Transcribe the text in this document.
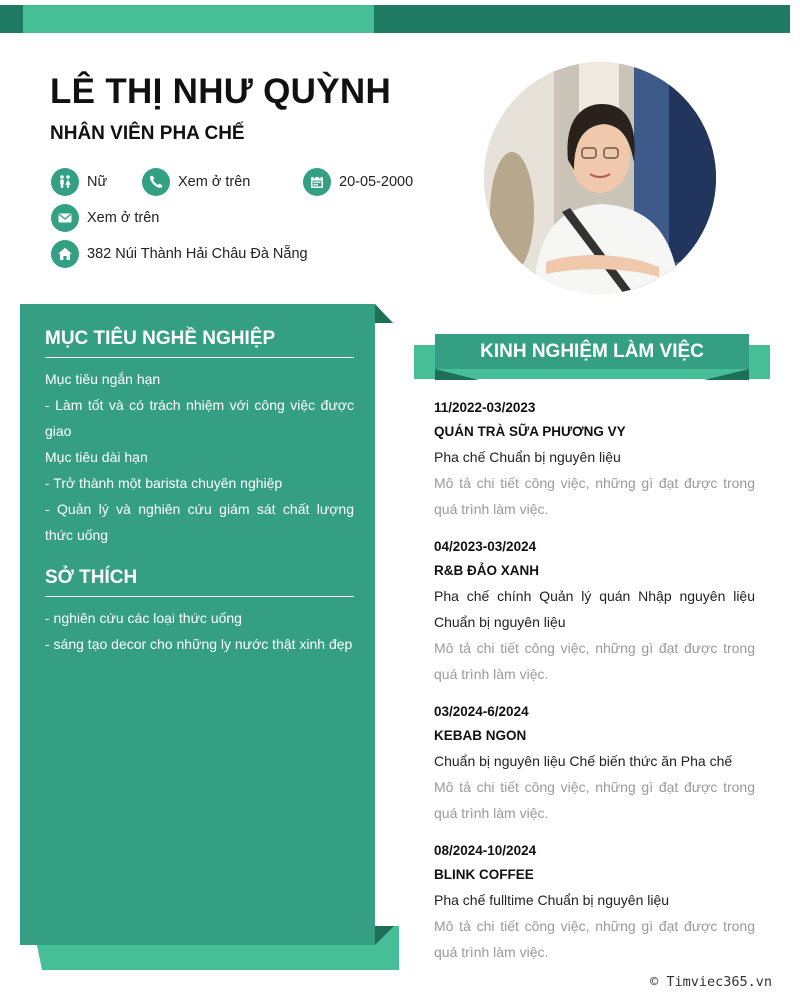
LÊ THỊ NHƯ QUỲNH
NHÂN VIÊN PHA CHẾ
Nữ	Xem ở trên	20-05-2000
Xem ở trên
382 Núi Thành Hải Châu Đà Nẵng
MỤC TIÊU NGHỀ NGHIỆP
Mục tiêu ngắn hạn
- Làm tốt và có trách nhiệm với công việc được giao
Mục tiêu dài hạn
- Trở thành một barista chuyên nghiệp
- Quản lý và nghiên cứu giám sát chất lượng thức uống
SỞ THÍCH
- nghiên cứu các loại thức uống
- sáng tạo decor cho những ly nước thật xinh đẹp
KINH NGHIỆM LÀM VIỆC
11/2022-03/2023
QUÁN TRÀ SỮA PHƯƠNG VY
Pha chế Chuẩn bị nguyên liệu
Mô tả chi tiết công việc, những gì đạt được trong quá trình làm việc.
04/2023-03/2024
R&B ĐẢO XANH
Pha chế chính Quản lý quán Nhập nguyên liệu Chuẩn bị nguyên liệu
Mô tả chi tiết công việc, những gì đạt được trong quá trình làm việc.
03/2024-6/2024
KEBAB NGON
Chuẩn bị nguyên liệu Chế biến thức ăn Pha chế
Mô tả chi tiết công việc, những gì đạt được trong quá trình làm việc.
08/2024-10/2024
BLINK COFFEE
Pha chế fulltime Chuẩn bị nguyên liệu
Mô tả chi tiết công việc, những gì đạt được trong quá trình làm việc.
© Timviec365.vn
